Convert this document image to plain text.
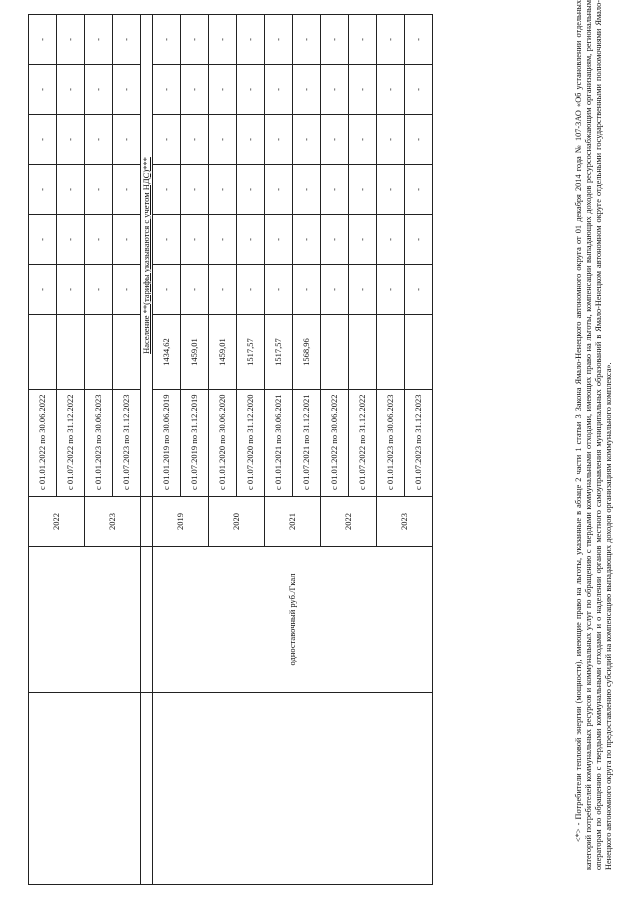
		2022	с 01.01.2022 по 30.06.2022		-	-	-	-	-	-
			с 01.07.2022 по 31.12.2022		-	-	-	-	-	-
		2023	с 01.01.2023 по 30.06.2023		-	-	-	-	-	-
			с 01.07.2023 по 31.12.2023		-	-	-	-	-	-
			Население **(тарифы указываются с учетом НДС)***							
	одноставочный руб./Гкал	2019	с 01.01.2019 по 30.06.2019	1434,62	-	-	-	-	-	-
			с 01.07.2019 по 31.12.2019	1459,01	-	-	-	-	-	-
		2020	с 01.01.2020 по 30.06.2020	1459,01	-	-	-	-	-	-
			с 01.07.2020 по 31.12.2020	1517,57	-	-	-	-	-	-
		2021	с 01.01.2021 по 30.06.2021	1517,57	-	-	-	-	-	-
			с 01.07.2021 по 31.12.2021	1568,96	-	-	-	-	-	-
		2022	с 01.01.2022 по 30.06.2022		-	-	-	-	-	-
			с 01.07.2022 по 31.12.2022		-	-	-	-	-	-
		2023	с 01.01.2023 по 30.06.2023		-	-	-	-	-	-
			с 01.07.2023 по 31.12.2023		-	-	-	-	-	-	<*> - Потребители тепловой энергии (мощности), имеющие право на льготы, указанные в абзаце 2 части 1 статьи 3 Закона Ямало-Ненецкого автономного округа от 01 декабря 2014 года № 107-ЗАО «Об установлении отдельных категорий потребителей коммунальных ресурсов и коммунальных услуг по обращению с твердыми коммунальными отходами, имеющих право на льготы, компенсации выпадающих доходов ресурсоснабжающим организациям, региональным операторам по обращению с твердыми коммунальными отходами и о наделении органов местного самоуправления муниципальных образований в Ямало-Ненецком автономном округе отдельными государственными полномочиями Ямало-Ненецкого автономного округа по предоставлению субсидий на компенсацию выпадающих доходов организациям коммунального комплекса».
